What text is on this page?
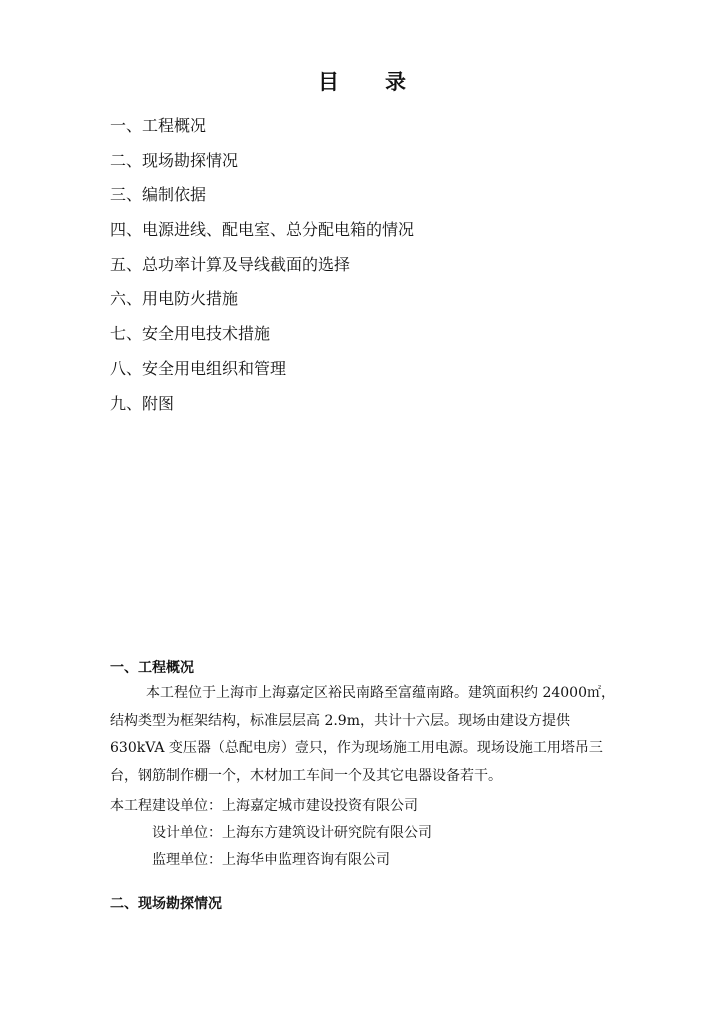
目 录
一、工程概况
二、现场勘探情况
三、编制依据
四、电源进线、配电室、总分配电箱的情况
五、总功率计算及导线截面的选择
六、用电防火措施
七、安全用电技术措施
八、安全用电组织和管理
九、附图
一、工程概况
本工程位于上海市上海嘉定区裕民南路至富蕴南路。建筑面积约 24000㎡，
结构类型为框架结构，标准层层高 2.9m，共计十六层。现场由建设方提供
630kVA 变压器（总配电房）壹只，作为现场施工用电源。现场设施工用塔吊三
台，钢筋制作棚一个，木材加工车间一个及其它电器设备若干。
本工程建设单位：上海嘉定城市建设投资有限公司
设计单位：上海东方建筑设计研究院有限公司
监理单位：上海华申监理咨询有限公司
二、现场勘探情况
